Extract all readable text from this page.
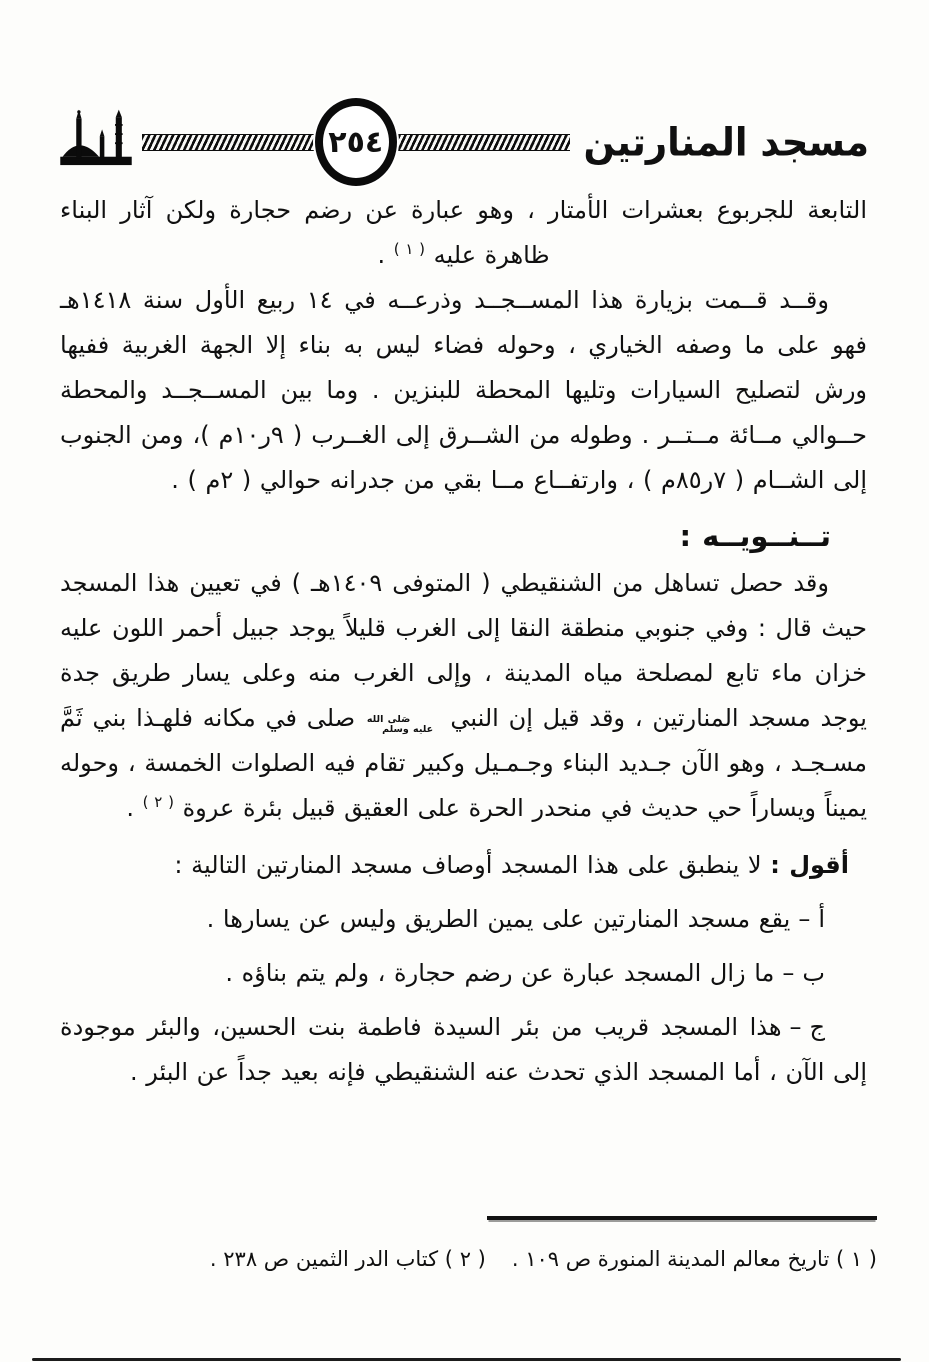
مسجد المنارتين
٢٥٤

التابعة للجربوع بعشرات الأمتار ، وهو عبارة عن رضم حجارة ولكن آثار البناء ظاهرة عليه $^{( ١ )}$ .

وقــد قــمت بزيارة هذا المســجــد وذرعــه في ١٤ ربيع الأول سنة ١٤١٨هـ فهو على ما وصفه الخياري ، وحوله فضاء ليس به بناء إلا الجهة الغربية ففيها ورش لتصليح السيارات وتليها المحطة للبنزين . وما بين المســجــد والمحطة حــوالي مــائة مــتــر . وطوله من الشــرق إلى الغــرب ( ٩ر١٠م )، ومن الجنوب إلى الشــام ( ٧ر٨٥م ) ، وارتفــاع مــا بقي من جدرانه حوالي ( ٢م ) .

تــنــويــه :

وقد حصل تساهل من الشنقيطي ( المتوفى ١٤٠٩هـ ) في تعيين هذا المسجد حيث قال : وفي جنوبي منطقة النقا إلى الغرب قليلاً يوجد جبيل أحمر اللون عليه خزان ماء تابع لمصلحة مياه المدينة ، وإلى الغرب منه وعلى يسار طريق جدة يوجد مسجد المنارتين ، وقد قيل إن النبيصَلى الله
عليه وسلم صلى في مكانه فلهـذا بني ثَمَّ مسـجـد ، وهو الآن جـديد البناء وجـمـيل وكبير تقام فيه الصلوات الخمسة ، وحوله يميناً ويساراً حي حديث في منحدر الحرة على العقيق قبيل بئرة عروة $^{( ٢ )}$ .

أقول : لا ينطبق على هذا المسجد أوصاف مسجد المنارتين التالية :

أ–يقع مسجد المنارتين على يمين الطريق وليس عن يسارها .

ب–ما زال المسجد عبارة عن رضم حجارة ، ولم يتم بناؤه .

ج–هذا المسجد قريب من بئر السيدة فاطمة بنت الحسين، والبئر موجودة إلى الآن ، أما المسجد الذي تحدث عنه الشنقيطي فإنه بعيد جداً عن البئر .

( ١ ) تاريخ معالم المدينة المنورة ص ١٠٩ .
( ٢ ) كتاب الدر الثمين ص ٢٣٨ .
